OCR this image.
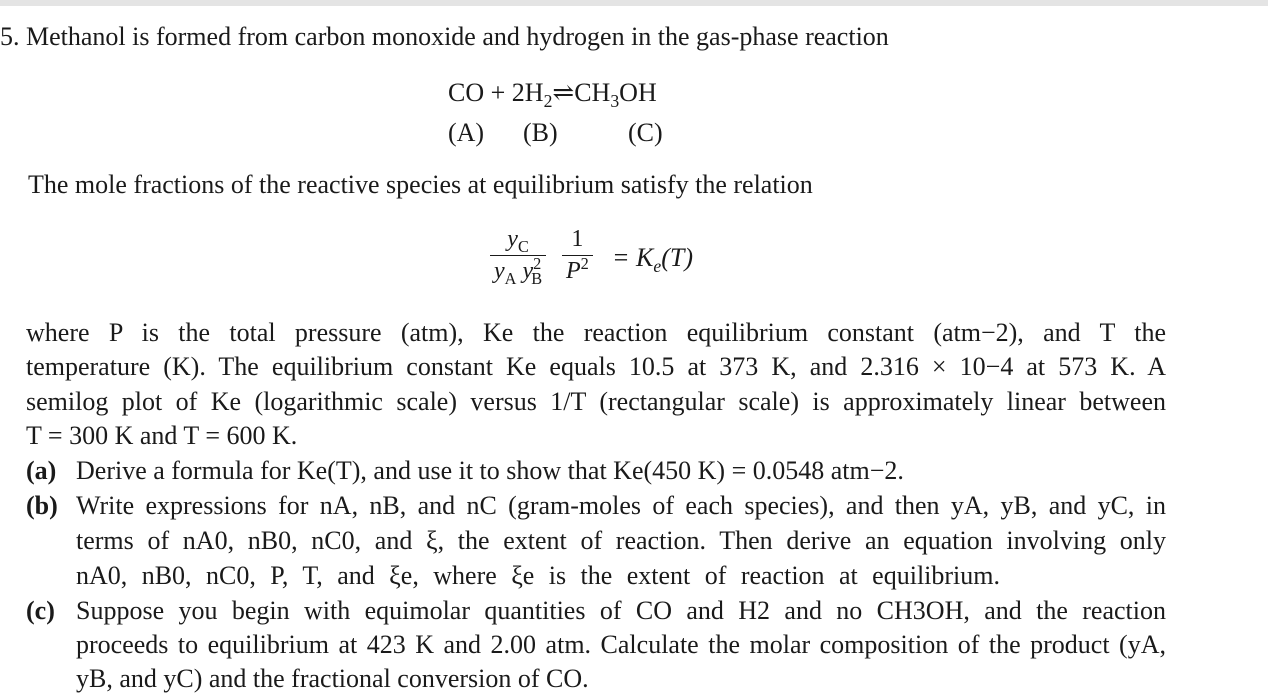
5. Methanol is formed from carbon monoxide and hydrogen in the gas-phase reaction
CO + $2H_2\rightleftharpoons CH_3OH$
(A) (B)	(C)
The mole fractions of the reactive species at equilibrium satisfy the relation
$y_C$
$y_A$ $y^2_B$
1
$P^2 = K_e(T)$
where P is the total pressure (atm), Ke the reaction equilibrium constant (atm−2), and T the
temperature (K). The equilibrium constant Ke equals 10.5 at 373 K, and 2.316 × 10−4 at 573 K. A
semilog plot of Ke (logarithmic scale) versus 1/T (rectangular scale) is approximately linear between
T = 300 K and T = 600 K.
(a) Derive a formula for Ke(T), and use it to show that Ke(450 K) = 0.0548 atm−2.
(b) Write expressions for nA, nB, and nC (gram-moles of each species), and then yA, yB, and yC, in
terms of nA0, nB0, nC0, and ξ, the extent of reaction. Then derive an equation involving only
nA0, nB0, nC0, P, T, and ξe, where ξe is the extent of reaction at equilibrium.
(c) Suppose you begin with equimolar quantities of CO and H2 and no CH3OH, and the reaction
proceeds to equilibrium at 423 K and 2.00 atm. Calculate the molar composition of the product (yA,
yB, and yC) and the fractional conversion of CO.
